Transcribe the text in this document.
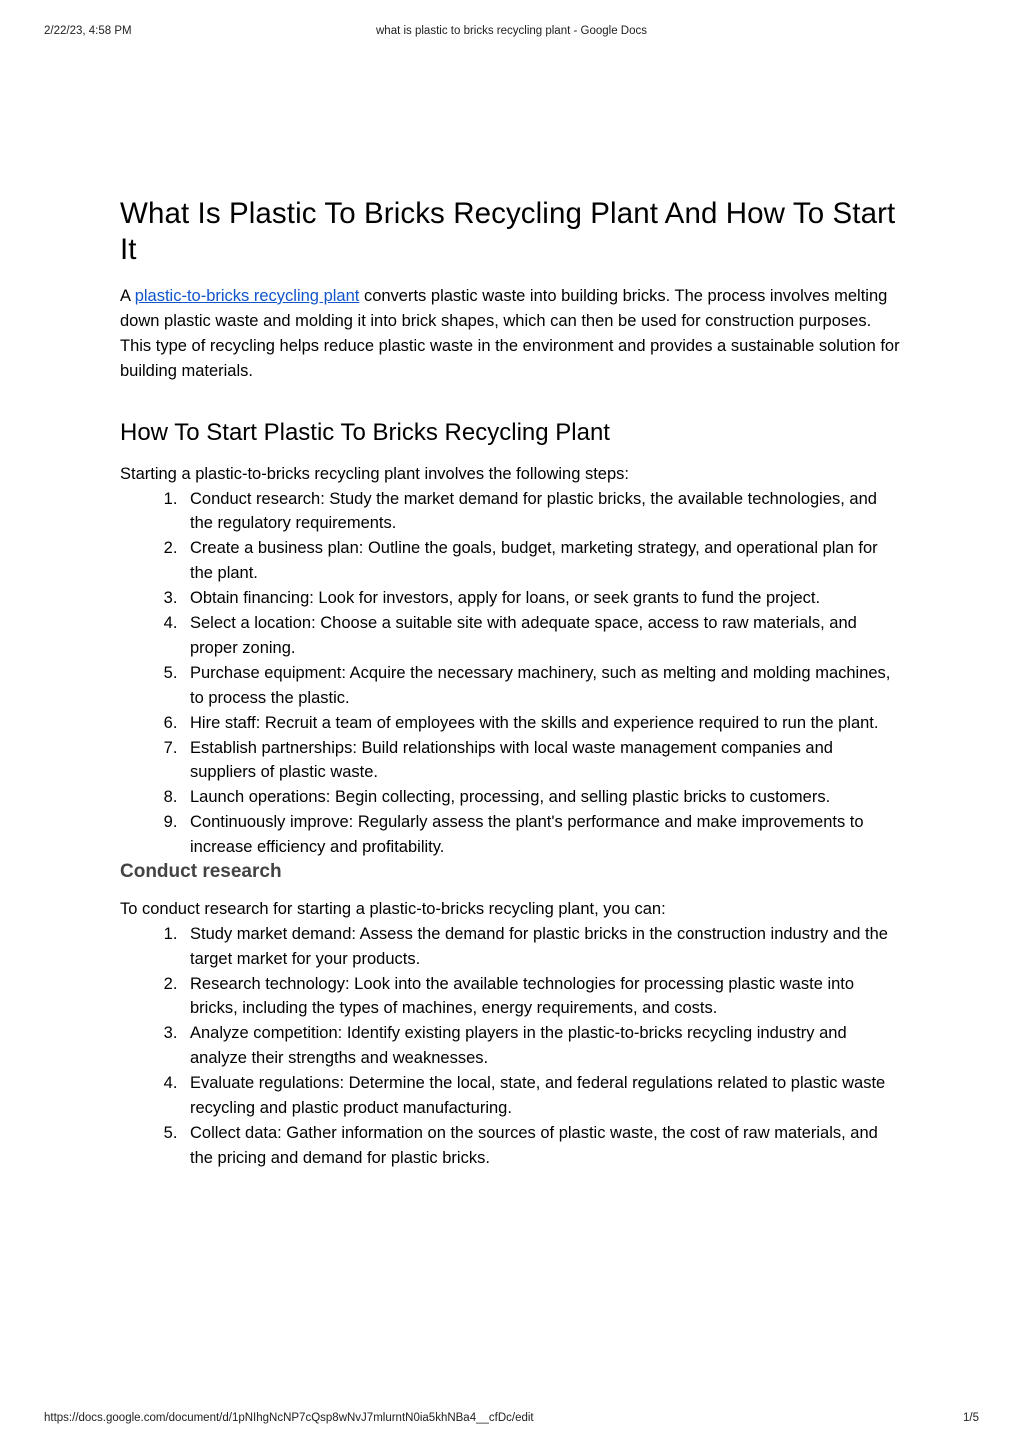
2/22/23, 4:58 PM	what is plastic to bricks recycling plant - Google Docs
What Is Plastic To Bricks Recycling Plant And How To Start It

A plastic-to-bricks recycling plant converts plastic waste into building bricks. The process involves melting down plastic waste and molding it into brick shapes, which can then be used for construction purposes. This type of recycling helps reduce plastic waste in the environment and provides a sustainable solution for building materials.

How To Start Plastic To Bricks Recycling Plant

Starting a plastic-to-bricks recycling plant involves the following steps:

1. Conduct research: Study the market demand for plastic bricks, the available technologies, and the regulatory requirements.
2. Create a business plan: Outline the goals, budget, marketing strategy, and operational plan for the plant.
3. Obtain financing: Look for investors, apply for loans, or seek grants to fund the project.
4. Select a location: Choose a suitable site with adequate space, access to raw materials, and proper zoning.
5. Purchase equipment: Acquire the necessary machinery, such as melting and molding machines, to process the plastic.
6. Hire staff: Recruit a team of employees with the skills and experience required to run the plant.
7. Establish partnerships: Build relationships with local waste management companies and suppliers of plastic waste.
8. Launch operations: Begin collecting, processing, and selling plastic bricks to customers.
9. Continuously improve: Regularly assess the plant's performance and make improvements to increase efficiency and profitability.
Conduct research

To conduct research for starting a plastic-to-bricks recycling plant, you can:

1. Study market demand: Assess the demand for plastic bricks in the construction industry and the target market for your products.
2. Research technology: Look into the available technologies for processing plastic waste into bricks, including the types of machines, energy requirements, and costs.
3. Analyze competition: Identify existing players in the plastic-to-bricks recycling industry and analyze their strengths and weaknesses.
4. Evaluate regulations: Determine the local, state, and federal regulations related to plastic waste recycling and plastic product manufacturing.
5. Collect data: Gather information on the sources of plastic waste, the cost of raw materials, and the pricing and demand for plastic bricks.
https://docs.google.com/document/d/1pNIhgNcNP7cQsp8wNvJ7mlurntN0ia5khNBa4__cfDc/edit	1/5
